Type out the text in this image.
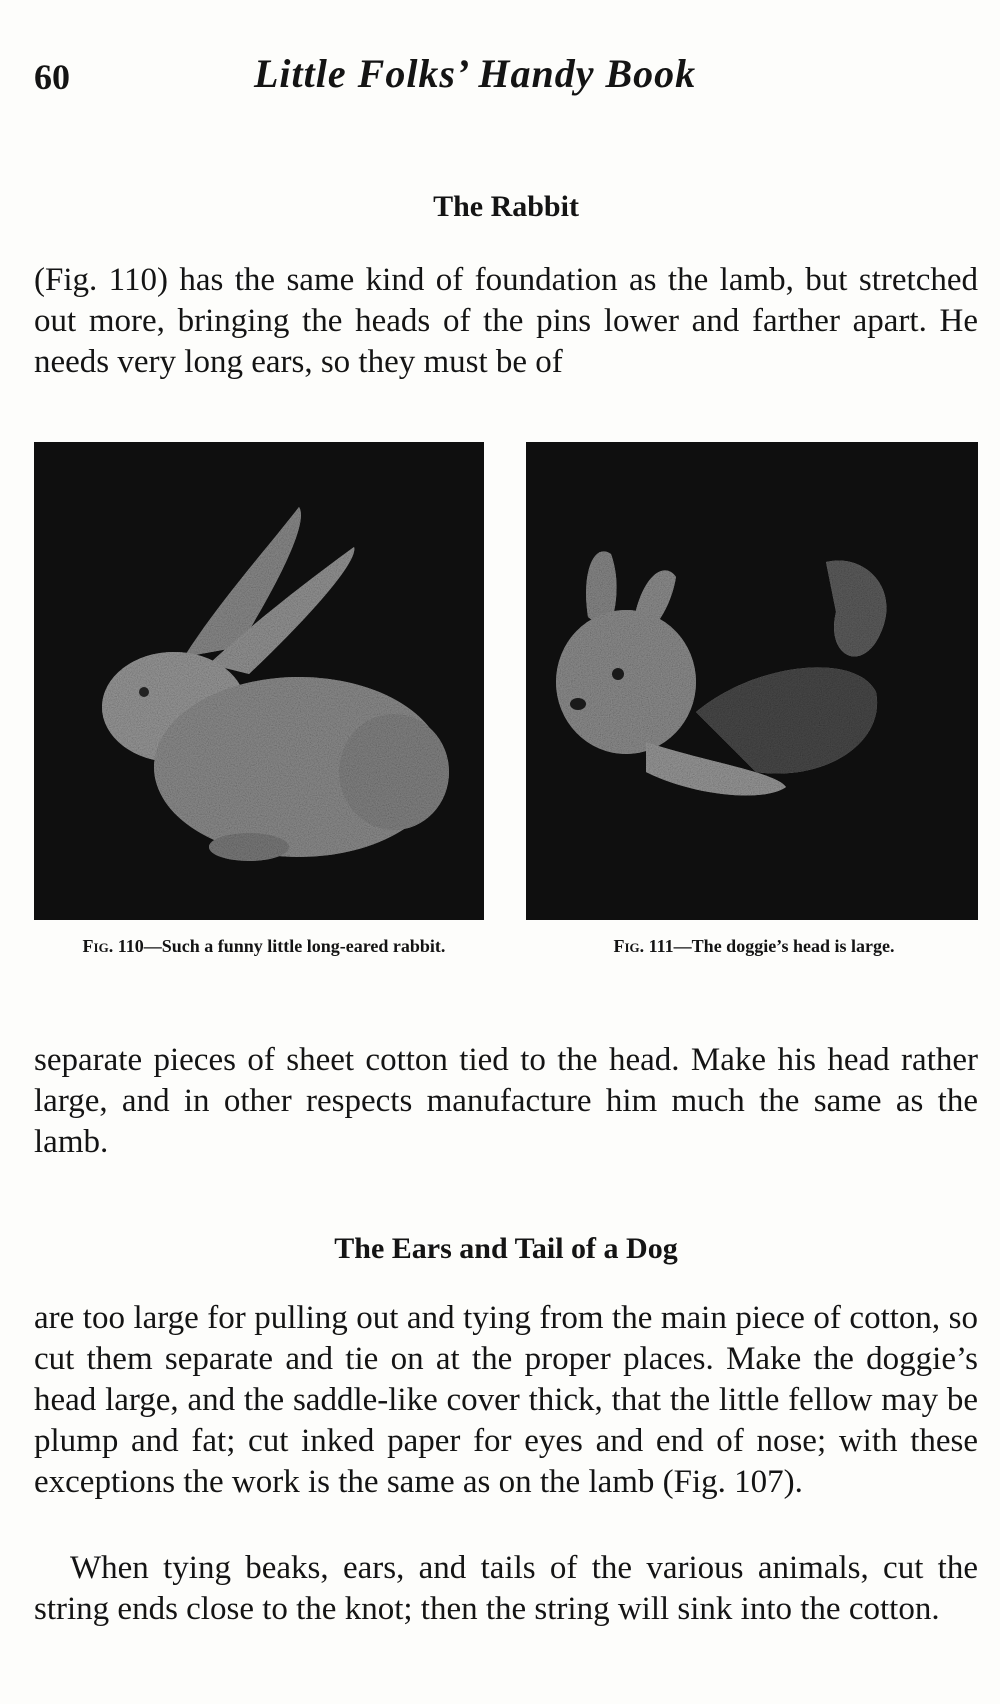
60	Little Folks’ Handy Book
The Rabbit

(Fig. 110) has the same kind of foundation as the lamb, but stretched out more, bringing the heads of the pins lower and farther apart. He needs very long ears, so they must be of

Fig. 110—Such a funny little long-eared rabbit.	Fig. 111—The doggie’s head is large.

separate pieces of sheet cotton tied to the head. Make his head rather large, and in other respects manufacture him much the same as the lamb.

The Ears and Tail of a Dog

are too large for pulling out and tying from the main piece of cotton, so cut them separate and tie on at the proper places. Make the doggie’s head large, and the saddle-like cover thick, that the little fellow may be plump and fat; cut inked paper for eyes and end of nose; with these exceptions the work is the same as on the lamb (Fig. 107).

When tying beaks, ears, and tails of the various animals, cut the string ends close to the knot; then the string will sink into the cotton.
